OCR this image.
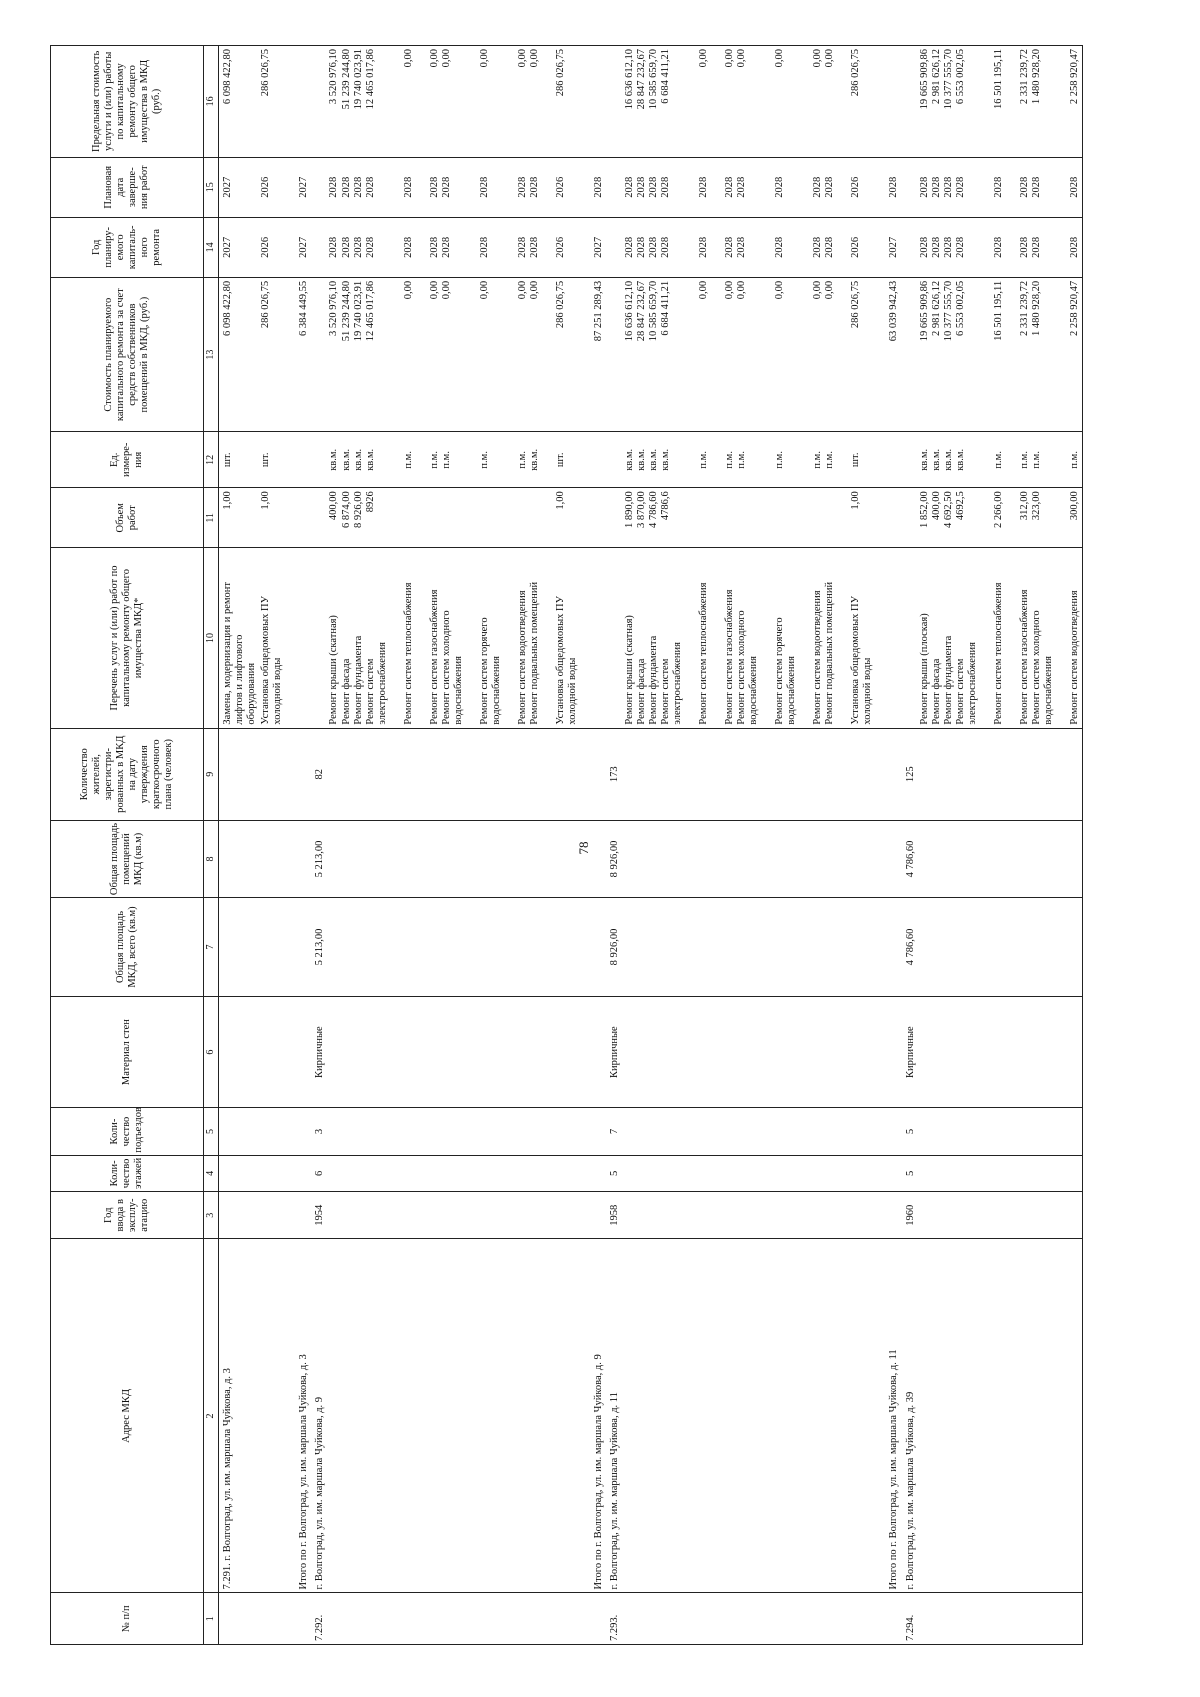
78
№ п/п	Адрес МКД	Год ввода в эксплу- атацию	Коли- чество этажей	Коли- чество подъездов	Материал стен	Общая площадь МКД, всего (кв.м)	Общая площадь помещений МКД (кв.м)	Количество жителей, зарегистри- рованных в МКД на дату утверждения краткосрочного плана (человек)	Перечень услуг и (или) работ по капитальному ремонту общего имущества МКД*	Объем работ	Ед. измере- ния	Стоимость планируемого капитального ремонта за счет средств собственников помещений в МКД, (руб.)	Год планиру- емого капиталь- ного ремонта	Плановая дата заверше- ния работ	Предельная стоимость услуги и (или) работы по капитальному ремонту общего имущества в МКД (руб.)
1	2	3	4	5	6	7	8	9	10	11	12	13	14	15	16

	7.291. г. Волгоград, ул. им. маршала Чуйкова, д. 3								Замена, модернизация и ремонт лифтов и лифтового оборудования	1,00	шт.	6 098 422,80	2027	2027	6 098 422,80

									Установка общедомовых ПУ холодной воды	1,00	шт.	286 026,75	2026	2026	286 026,75
	Итого по г. Волгоград, ул. им. маршала Чуйкова, д. 3											6 384 449,55	2027	2027	
7.292.	г. Волгоград, ул. им. маршала Чуйкова, д. 9	1954	6	3	Кирпичные	5 213,00	5 213,00	82							

									Ремонт крыши (скатная) Ремонт фасада Ремонт фундамента Ремонт систем электроснабжения	400,00 6 874,00 8 926,00 8926	кв.м. кв.м. кв.м. кв.м.	3 520 976,10 51 239 244,80 19 740 023,91 12 465 017,86	2028 2028 2028 2028	2028 2028 2028 2028	3 520 976,10 51 239 244,80 19 740 023,91 12 465 017,86

									Ремонт систем теплоснабжения		п.м.	0,00	2028	2028	0,00

									Ремонт систем газоснабжения Ремонт систем холодного водоснабжения		п.м. п.м.	0,00 0,00	2028 2028	2028 2028	0,00 0,00

									Ремонт систем горячего водоснабжения		п.м.	0,00	2028	2028	0,00

									Ремонт систем водоотведения Ремонт подвальных помещений		п.м. кв.м.	0,00 0,00	2028 2028	2028 2028	0,00 0,00

									Установка общедомовых ПУ холодной воды	1,00	шт.	286 026,75	2026	2026	286 026,75
	Итого по г. Волгоград, ул. им. маршала Чуйкова, д. 9											87 251 289,43	2027	2028	
7.293.	г. Волгоград, ул. им. маршала Чуйкова, д. 11	1958	5	7	Кирпичные	8 926,00	8 926,00	173							

									Ремонт крыши (скатная) Ремонт фасада Ремонт фундамента Ремонт систем электроснабжения	1 890,00 3 870,00 4 786,60 4786,6	кв.м. кв.м. кв.м. кв.м.	16 636 612,10 28 847 232,67 10 585 659,70 6 684 411,21	2028 2028 2028 2028	2028 2028 2028 2028	16 636 612,10 28 847 232,67 10 585 659,70 6 684 411,21

									Ремонт систем теплоснабжения		п.м.	0,00	2028	2028	0,00

									Ремонт систем газоснабжения Ремонт систем холодного водоснабжения		п.м. п.м.	0,00 0,00	2028 2028	2028 2028	0,00 0,00

									Ремонт систем горячего водоснабжения		п.м.	0,00	2028	2028	0,00

									Ремонт систем водоотведения Ремонт подвальных помещений		п.м. п.м.	0,00 0,00	2028 2028	2028 2028	0,00 0,00

									Установка общедомовых ПУ холодной воды	1,00	шт.	286 026,75	2026	2026	286 026,75
	Итого по г. Волгоград, ул. им. маршала Чуйкова, д. 11											63 039 942,43	2027	2028	
7.294.	г. Волгоград, ул. им. маршала Чуйкова, д. 39	1960	5	5	Кирпичные	4 786,60	4 786,60	125							

									Ремонт крыши (плоская) Ремонт фасада Ремонт фундамента Ремонт систем электроснабжения	1 852,00 400,00 4 692,50 4692,5	кв.м. кв.м. кв.м. кв.м.	19 665 909,86 2 981 626,12 10 377 555,70 6 553 002,05	2028 2028 2028 2028	2028 2028 2028 2028	19 665 909,86 2 981 626,12 10 377 555,70 6 553 002,05

									Ремонт систем теплоснабжения	2 266,00	п.м.	16 501 195,11	2028	2028	16 501 195,11

									Ремонт систем газоснабжения Ремонт систем холодного водоснабжения	312,00 323,00	п.м. п.м.	2 331 239,72 1 480 928,20	2028 2028	2028 2028	2 331 239,72 1 480 928,20

									Ремонт систем водоотведения	300,00	п.м.	2 258 920,47	2028	2028	2 258 920,47
